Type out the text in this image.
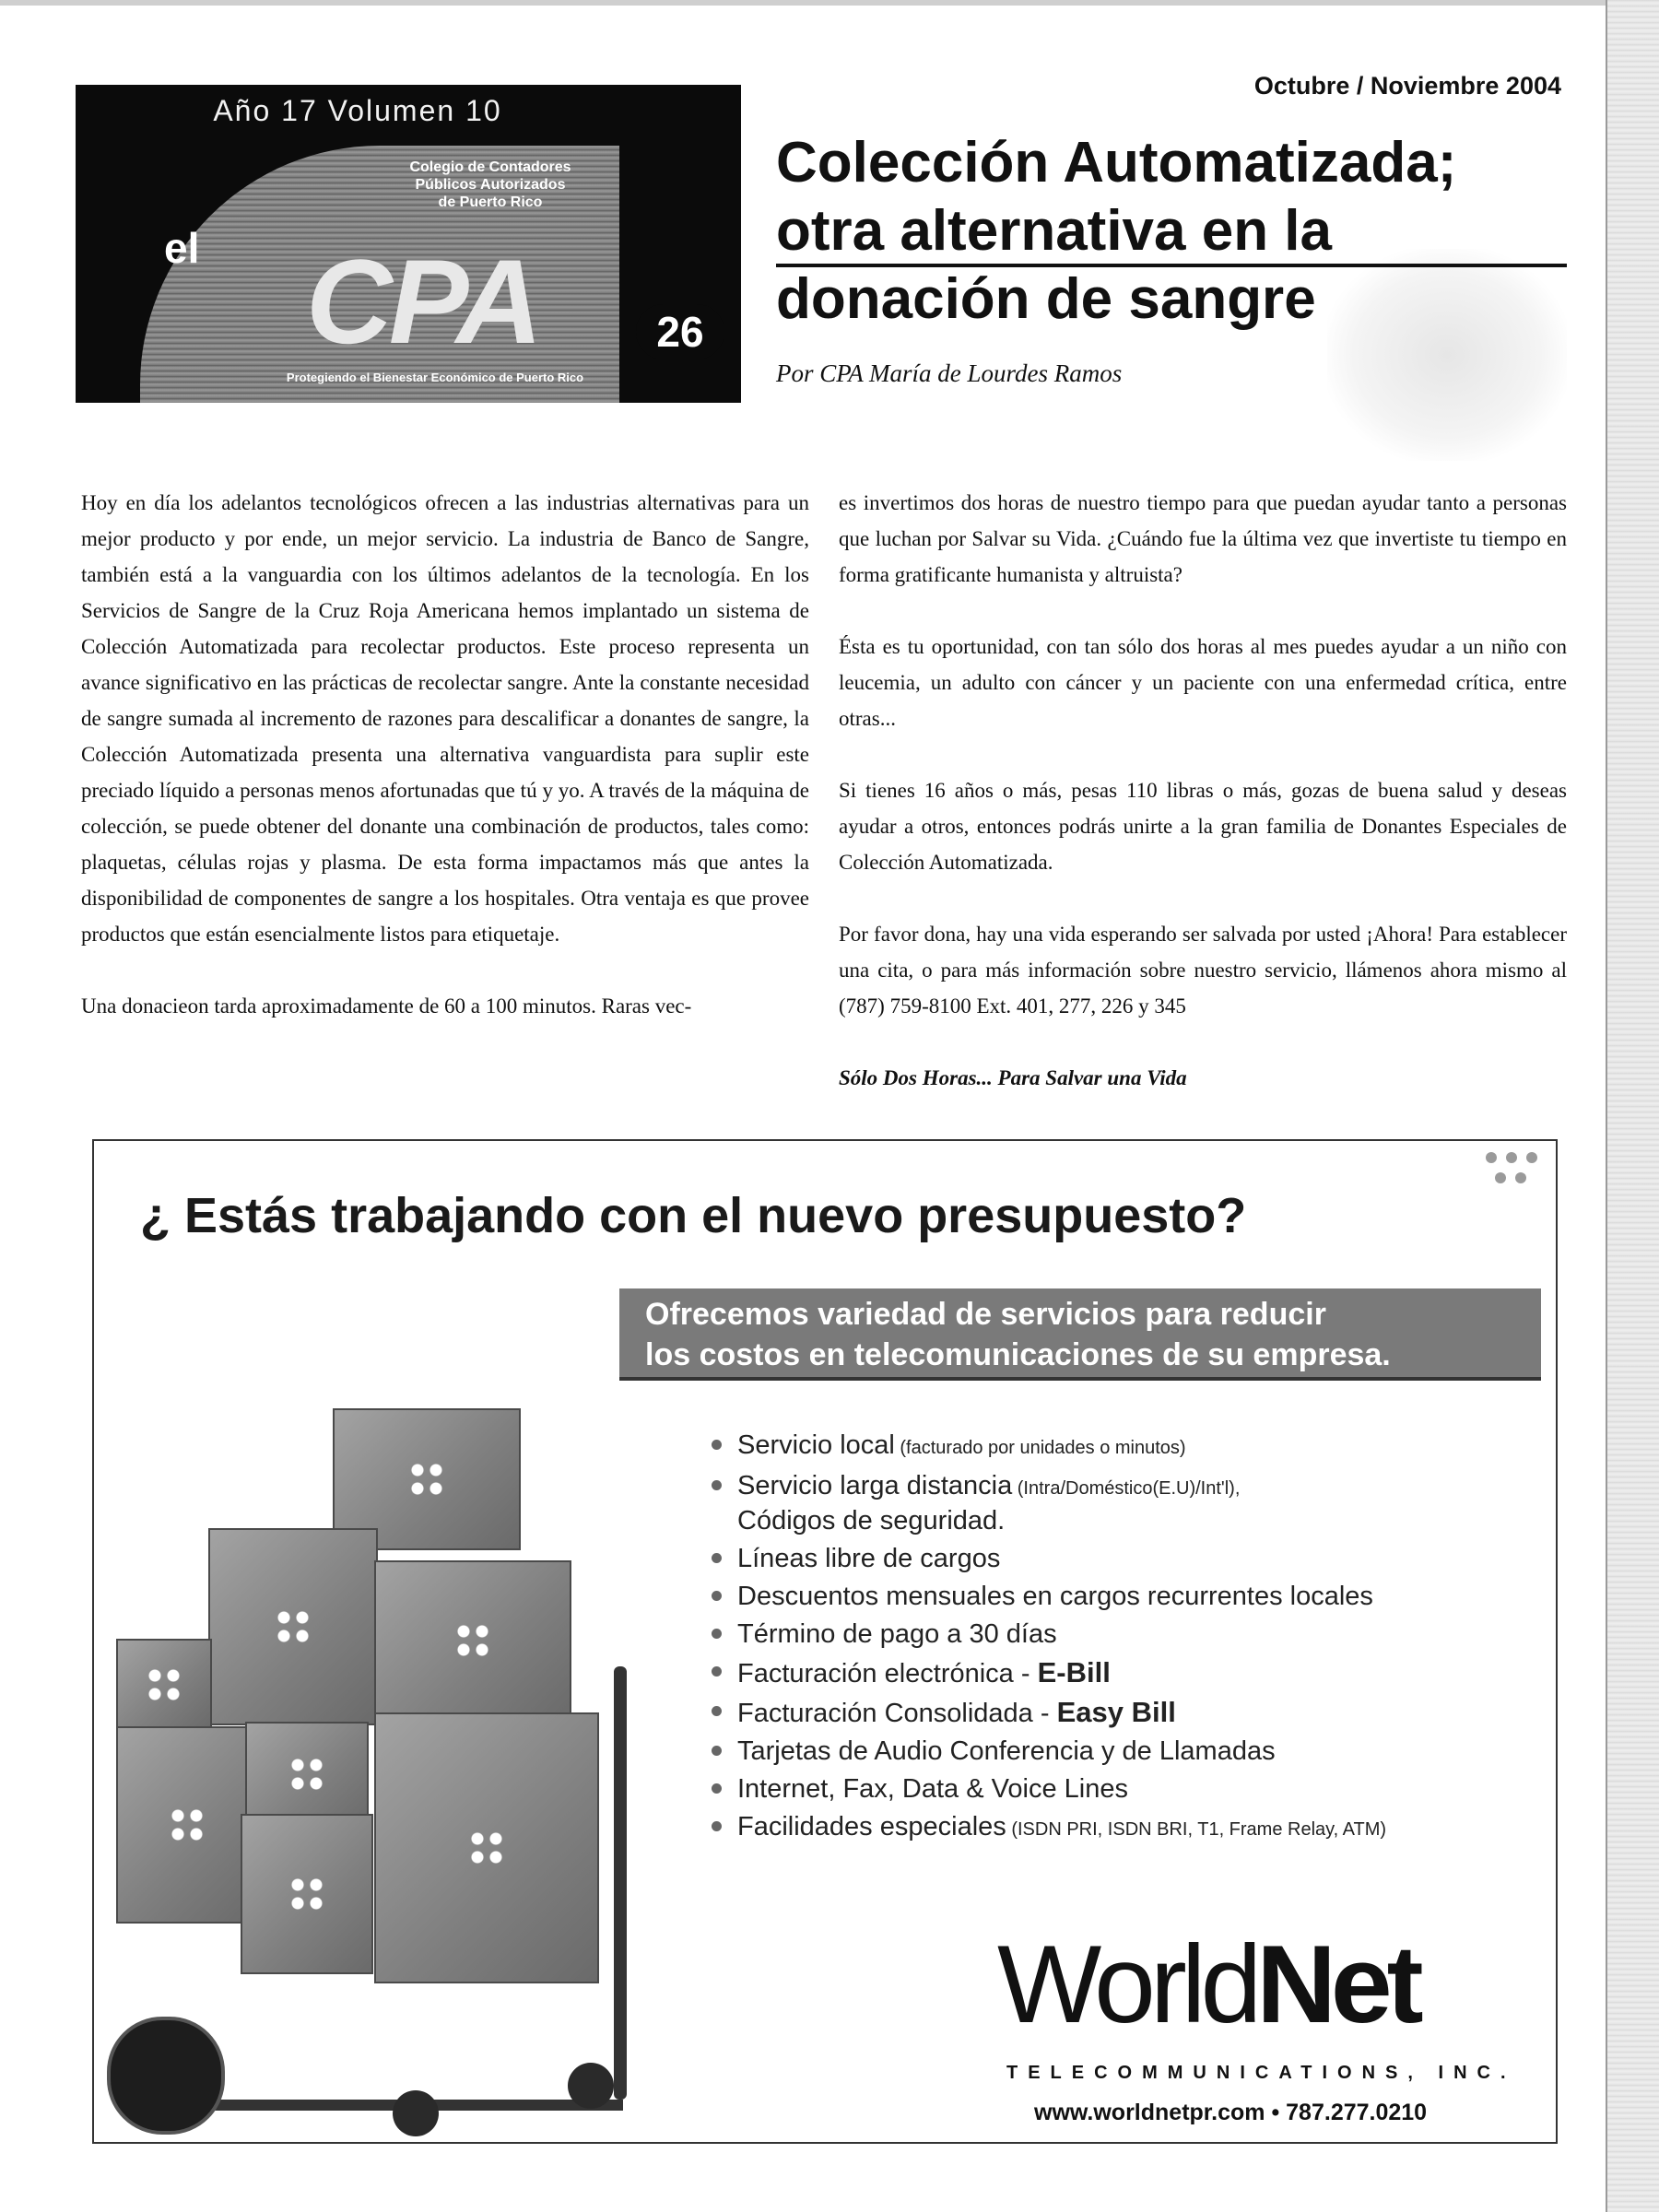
Año 17 Volumen 10
Colegio de Contadores
Públicos Autorizados
de Puerto Rico
el CPA
Protegiendo el Bienestar Económico de Puerto Rico
26
Octubre / Noviembre 2004
Colección Automatizada;
otra alternativa en la
donación de sangre
Por CPA María de Lourdes Ramos

Hoy en día los adelantos tecnológicos ofrecen a las industrias alternativas para un mejor producto y por ende, un mejor servicio. La industria de Banco de Sangre, también está a la vanguardia con los últimos adelantos de la tecnología. En los Servicios de Sangre de la Cruz Roja Americana hemos implantado un sistema de Colección Automatizada para recolectar productos. Este proceso representa un avance significativo en las prácticas de recolectar sangre. Ante la constante necesidad de sangre sumada al incremento de razones para descalificar a donantes de sangre, la Colección Automatizada presenta una alternativa vanguardista para suplir este preciado líquido a personas menos afortunadas que tú y yo. A través de la máquina de colección, se puede obtener del donante una combinación de productos, tales como: plaquetas, células rojas y plasma. De esta forma impactamos más que antes la disponibilidad de componentes de sangre a los hospitales. Otra ventaja es que provee productos que están esencialmente listos para etiquetaje.

Una donacieon tarda aproximadamente de 60 a 100 minutos. Raras vec-

es invertimos dos horas de nuestro tiempo para que puedan ayudar tanto a personas que luchan por Salvar su Vida. ¿Cuándo fue la última vez que invertiste tu tiempo en forma gratificante humanista y altruista?

Ésta es tu oportunidad, con tan sólo dos horas al mes puedes ayudar a un niño con leucemia, un adulto con cáncer y un paciente con una enfermedad crítica, entre otras...

Si tienes 16 años o más, pesas 110 libras o más, gozas de buena salud y deseas ayudar a otros, entonces podrás unirte a la gran familia de Donantes Especiales de Colección Automatizada.

Por favor dona, hay una vida esperando ser salvada por usted ¡Ahora! Para establecer una cita, o para más información sobre nuestro servicio, llámenos ahora mismo al (787) 759-8100 Ext. 401, 277, 226 y 345

Sólo Dos Horas... Para Salvar una Vida

¿ Estás trabajando con el nuevo presupuesto?
Ofrecemos variedad de servicios para reducir
los costos en telecomunicaciones de su empresa.
Servicio local (facturado por unidades o minutos)
Servicio larga distancia (Intra/Doméstico(E.U)/Int'l),
Códigos de seguridad.
Líneas libre de cargos
Descuentos mensuales en cargos recurrentes locales
Término de pago a 30 días
Facturación electrónica - E-Bill
Facturación Consolidada - Easy Bill
Tarjetas de Audio Conferencia y de Llamadas
Internet, Fax, Data & Voice Lines
Facilidades especiales (ISDN PRI, ISDN BRI, T1, Frame Relay, ATM)
WorldNet
TELECOMMUNICATIONS, INC.
www.worldnetpr.com • 787.277.0210
